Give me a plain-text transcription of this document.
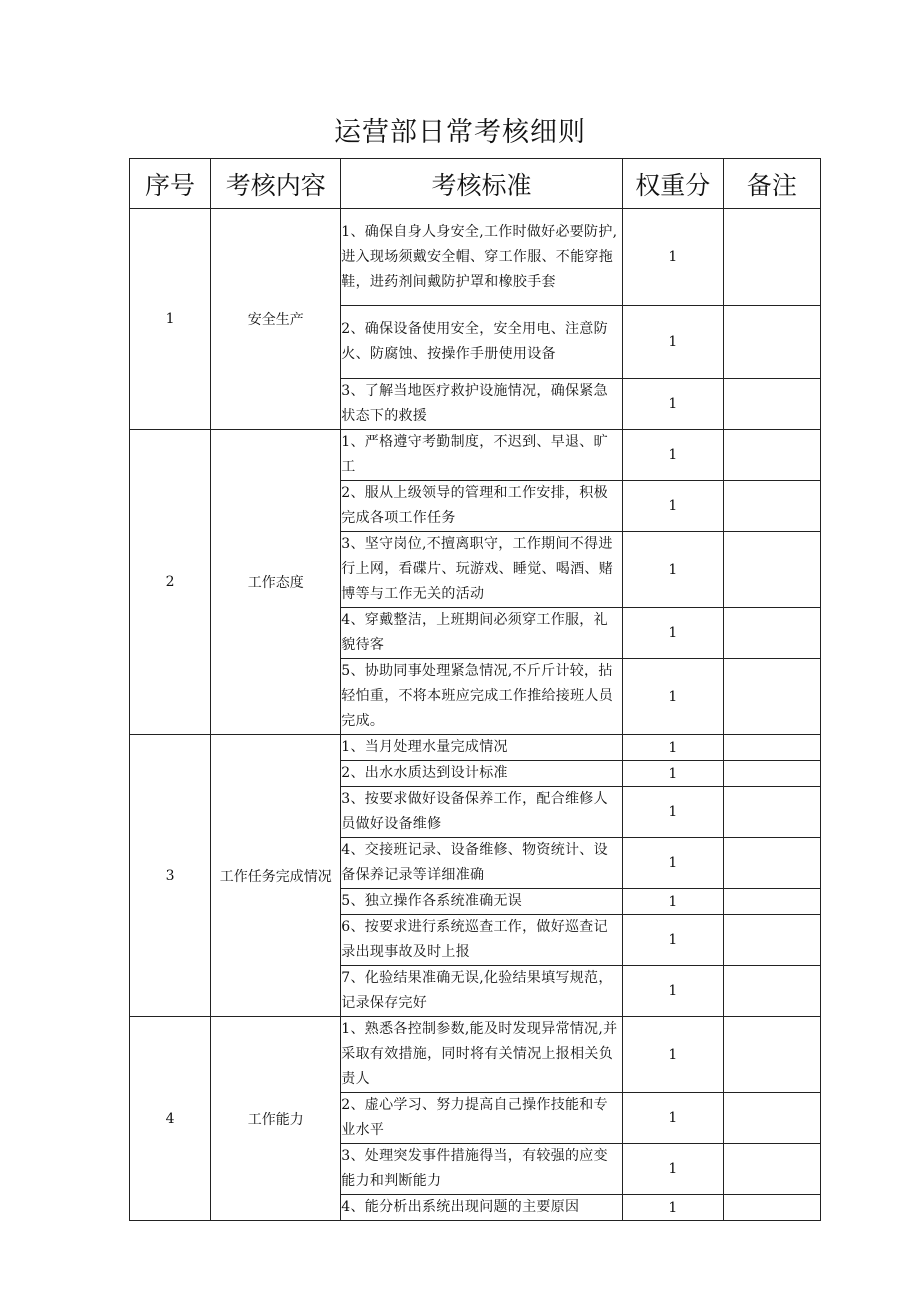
运营部日常考核细则
序号	考核内容	考核标准	权重分	备注
1	安全生产	1、确保自身人身安全,工作时做好必要防护,进入现场须戴安全帽、穿工作服、不能穿拖鞋，进药剂间戴防护罩和橡胶手套	1	
		2、确保设备使用安全，安全用电、注意防火、防腐蚀、按操作手册使用设备	1	
		3、了解当地医疗救护设施情况，确保紧急状态下的救援	1	
2	工作态度	1、严格遵守考勤制度，不迟到、早退、旷工	1	
		2、服从上级领导的管理和工作安排，积极完成各项工作任务	1	
		3、坚守岗位,不擅离职守，工作期间不得进行上网，看碟片、玩游戏、睡觉、喝酒、赌博等与工作无关的活动	1	
		4、穿戴整洁，上班期间必须穿工作服，礼貌待客	1	
		5、协助同事处理紧急情况,不斤斤计较，拈轻怕重，不将本班应完成工作推给接班人员完成。	1	
3	工作任务完成情况	1、当月处理水量完成情况	1	
		2、出水水质达到设计标准	1	
		3、按要求做好设备保养工作，配合维修人员做好设备维修	1	
		4、交接班记录、设备维修、物资统计、设备保养记录等详细准确	1	
		5、独立操作各系统准确无误	1	
		6、按要求进行系统巡查工作，做好巡查记录出现事故及时上报	1	
		7、化验结果准确无误,化验结果填写规范，记录保存完好	1	
4	工作能力	1、熟悉各控制参数,能及时发现异常情况,并采取有效措施，同时将有关情况上报相关负责人	1	
		2、虚心学习、努力提高自己操作技能和专业水平	1	
		3、处理突发事件措施得当，有较强的应变能力和判断能力	1	
		4、能分析出系统出现问题的主要原因	1	
